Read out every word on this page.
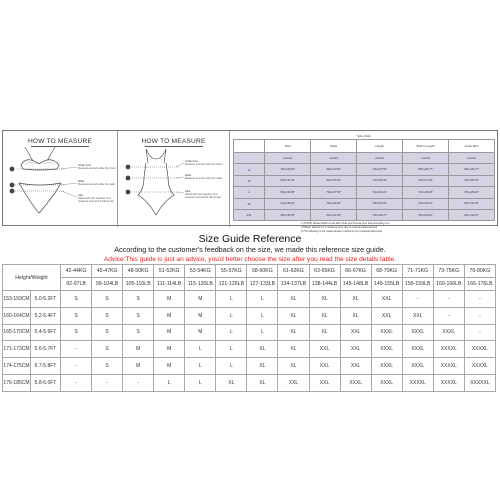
HOW TO MEASURE
Under bust
Measure around under the chest
Waist
Measure around under the waist
Hips
Stand with feet together and measure around the fullest part
HOW TO MEASURE
Under bust
Measure around under the chest
Waist
Measure around under the waist
Hips
Stand with feet together and measure around the fullest part
Size Chart
	Bust	Waist	Length	Bottom Length	Under Bust
	cm/inch	cm/inch	cm/inch	cm/inch	cm/inch
S	76cm/29.92"	60cm/23.62"	70cm/27.56"	68cm/26.77"	68cm/26.77"
M	80cm/31.50"	64cm/25.20"	72cm/28.35"	70cm/27.56"	72cm/28.35"
L	86cm/33.86"	70cm/27.56"	74cm/29.13"	72cm/28.35"	76cm/29.92"
XL	92cm/36.22"	76cm/29.92"	76cm/29.92"	74cm/29.13"	80cm/31.50"
2XL	98cm/38.58"	82cm/32.28"	78cm/30.71"	76cm/29.92"	84cm/33.07"
1.(NOTE) Please Refer to the Size chart and choose your size according to it
2.Please allow 0-3 cm measure error due to manual measurement
3.The following is the measurement method of our products(reference)
Size Guide Reference
According to the customer's feedback on the size, we made this reference size guide.
Advice:This guide is just an advice, you'd better choose the size after you read the size details table.
Height/Weight		42-44KG	45-47KG	48-50KG	51-52KG	53-54KG	55-57KG	58-60KG	61-62KG	63-65KG	66-67KG	68-70KG	71-71KG	73-75KG	76-80KG
		92-97LB	99-104LB	105-110LB	111-114LB	115-120LB	121-126LB	127-133LB	134-137LB	138-144LB	145-148LB	149-155LB	156-159LB	160-166LB	166-176LB
153-159CM	5.0-5.2FT	S	S	S	M	M	L	L	XL	XL	XL	XXL	-	-	-
160-164CM	5.2-5.4FT	S	S	S	M	M	L	L	XL	XL	XL	XXL	XXL	-	-
165-170CM	5.4-5.6FT	S	S	S	M	M	L	L	XL	XL	XXL	XXXL	XXXL	XXXL	-
171-173CM	5.6-5.7FT	-	S	M	M	L	L	XL	XL	XXL	XXL	XXXL	XXXL	XXXXL	XXXXL
174-175CM	5.7-5.8FT	-	S	M	M	L	L	XL	XL	XXL	XXL	XXXL	XXXL	XXXXL	XXXXL
176-185CM	5.8-6.0FT	-	-	-	L	L	XL	XL	XXL	XXL	XXXL	XXXL	XXXXL	XXXXL	XXXXXL
